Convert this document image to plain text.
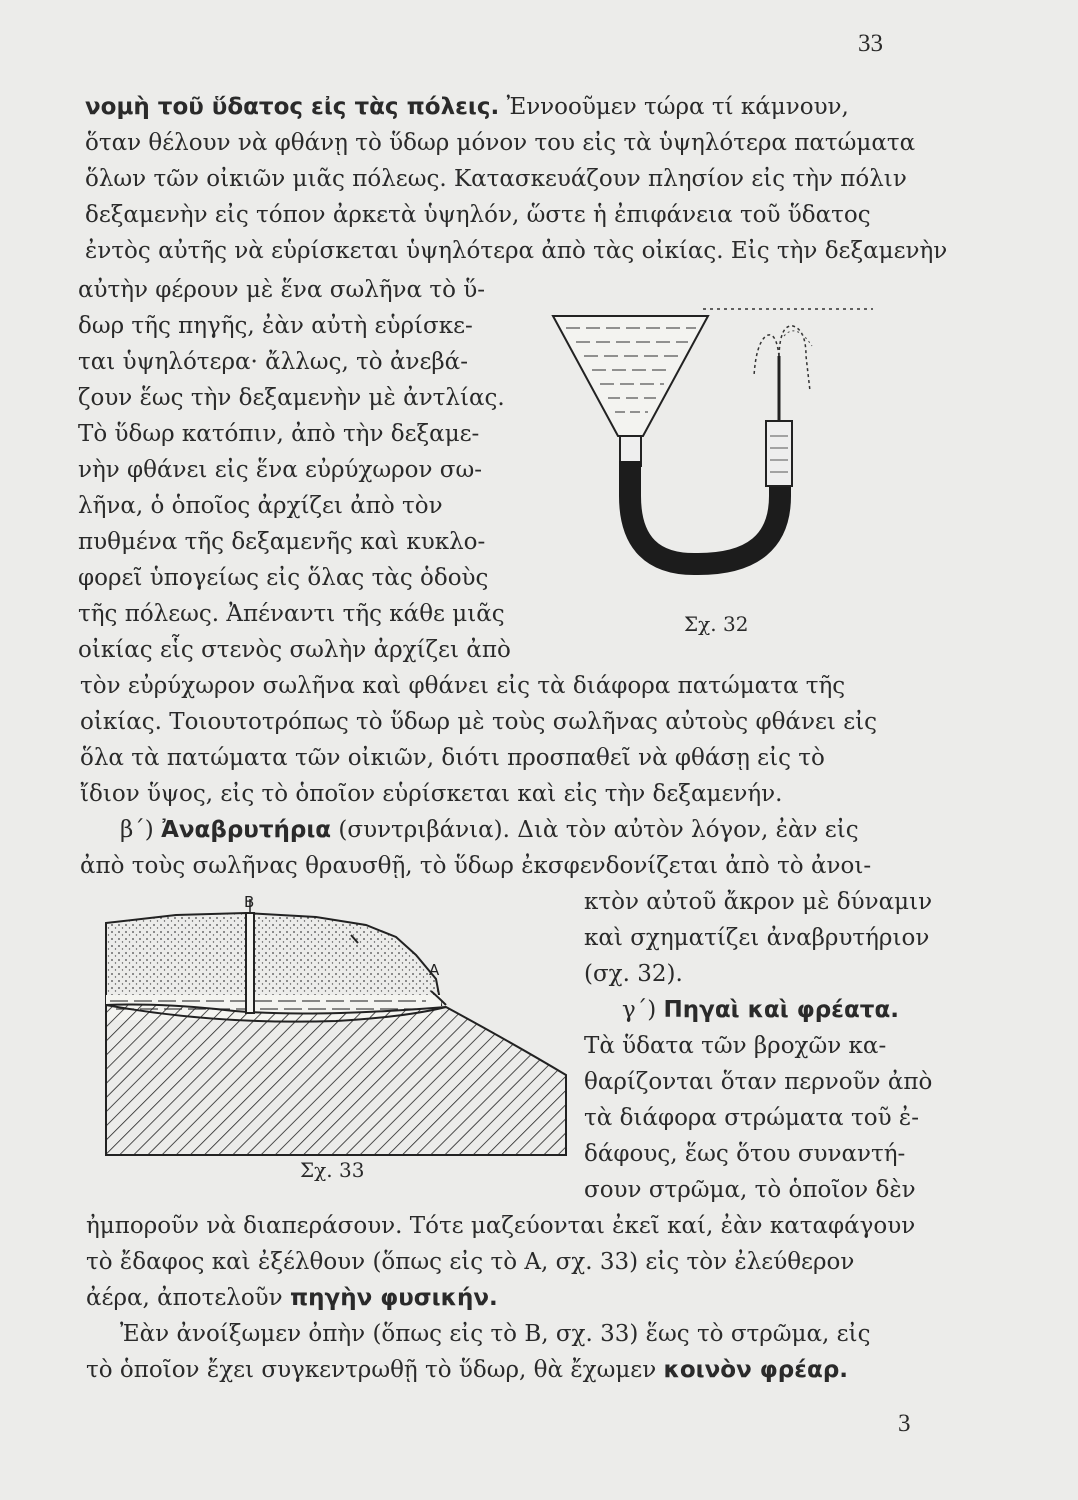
33
3
νομὴ τοῦ ὕδατος εἰς τὰς πόλεις. Ἐννοοῦμεν τώρα τί κάμνουν,
ὅταν θέλουν νὰ φθάνῃ τὸ ὕδωρ μόνον του εἰς τὰ ὑψηλότερα πατώματα
ὅλων τῶν οἰκιῶν μιᾶς πόλεως. Κατασκευάζουν πλησίον εἰς τὴν πόλιν
δεξαμενὴν εἰς τόπον ἀρκετὰ ὑψηλόν, ὥστε ἡ ἐπιφάνεια τοῦ ὕδατος
ἐντὸς αὐτῆς νὰ εὑρίσκεται ὑψηλότερα ἀπὸ τὰς οἰκίας. Εἰς τὴν δεξαμενὴν
αὐτὴν φέρουν μὲ ἕνα σωλῆνα τὸ ὕ-
δωρ τῆς πηγῆς, ἐὰν αὐτὴ εὑρίσκε-
ται ὑψηλότερα· ἄλλως, τὸ ἀνεβά-
ζουν ἕως τὴν δεξαμενὴν μὲ ἀντλίας.
Τὸ ὕδωρ κατόπιν, ἀπὸ τὴν δεξαμε-
νὴν φθάνει εἰς ἕνα εὐρύχωρον σω-
λῆνα, ὁ ὁποῖος ἀρχίζει ἀπὸ τὸν
πυθμένα τῆς δεξαμενῆς καὶ κυκλο-
φορεῖ ὑπογείως εἰς ὅλας τὰς ὁδοὺς
τῆς πόλεως. Ἀπέναντι τῆς κάθε μιᾶς
οἰκίας εἷς στενὸς σωλὴν ἀρχίζει ἀπὸ
τὸν εὐρύχωρον σωλῆνα καὶ φθάνει εἰς τὰ διάφορα πατώματα τῆς
οἰκίας. Τοιουτοτρόπως τὸ ὕδωρ μὲ τοὺς σωλῆνας αὐτοὺς φθάνει εἰς
ὅλα τὰ πατώματα τῶν οἰκιῶν, διότι προσπαθεῖ νὰ φθάσῃ εἰς τὸ
ἴδιον ὕψος, εἰς τὸ ὁποῖον εὑρίσκεται καὶ εἰς τὴν δεξαμενήν.
β΄) Ἀναβρυτήρια (συντριβάνια). Διὰ τὸν αὐτὸν λόγον, ἐὰν εἰς
ἀπὸ τοὺς σωλῆνας θραυσθῇ, τὸ ὕδωρ ἐκσφενδονίζεται ἀπὸ τὸ ἀνοι-
κτὸν αὐτοῦ ἄκρον μὲ δύναμιν
καὶ σχηματίζει ἀναβρυτήριον
(σχ. 32).
γ΄) Πηγαὶ καὶ φρέατα.
Τὰ ὕδατα τῶν βροχῶν κα-
θαρίζονται ὅταν περνοῦν ἀπὸ
τὰ διάφορα στρώματα τοῦ ἐ-
δάφους, ἕως ὅτου συναντή-
σουν στρῶμα, τὸ ὁποῖον δὲν
ἠμποροῦν νὰ διαπεράσουν. Τότε μαζεύονται ἐκεῖ καί, ἐὰν καταφάγουν
τὸ ἔδαφος καὶ ἐξέλθουν (ὅπως εἰς τὸ Α, σχ. 33) εἰς τὸν ἐλεύθερον
ἀέρα, ἀποτελοῦν πηγὴν φυσικήν.
Ἐὰν ἀνοίξωμεν ὀπὴν (ὅπως εἰς τὸ Β, σχ. 33) ἕως τὸ στρῶμα, εἰς
τὸ ὁποῖον ἔχει συγκεντρωθῇ τὸ ὕδωρ, θὰ ἔχωμεν κοινὸν φρέαρ.
Σχ. 32
B
A
Σχ. 33
